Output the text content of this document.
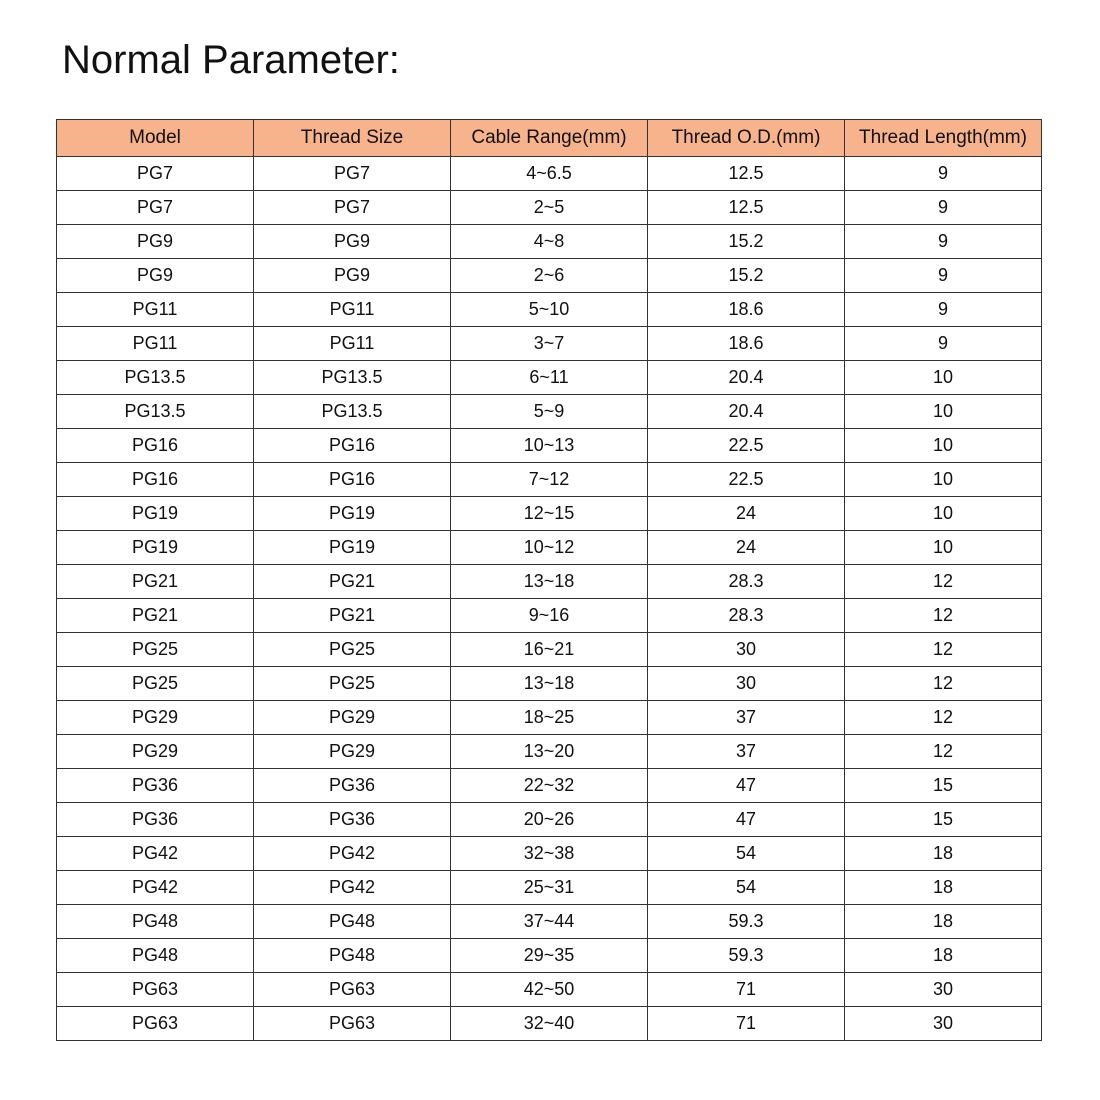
Normal Parameter:
Model	Thread Size	Cable Range(mm)	Thread O.D.(mm)	Thread Length(mm)
PG7	PG7	4~6.5	12.5	9
PG7	PG7	2~5	12.5	9
PG9	PG9	4~8	15.2	9
PG9	PG9	2~6	15.2	9
PG11	PG11	5~10	18.6	9
PG11	PG11	3~7	18.6	9
PG13.5	PG13.5	6~11	20.4	10
PG13.5	PG13.5	5~9	20.4	10
PG16	PG16	10~13	22.5	10
PG16	PG16	7~12	22.5	10
PG19	PG19	12~15	24	10
PG19	PG19	10~12	24	10
PG21	PG21	13~18	28.3	12
PG21	PG21	9~16	28.3	12
PG25	PG25	16~21	30	12
PG25	PG25	13~18	30	12
PG29	PG29	18~25	37	12
PG29	PG29	13~20	37	12
PG36	PG36	22~32	47	15
PG36	PG36	20~26	47	15
PG42	PG42	32~38	54	18
PG42	PG42	25~31	54	18
PG48	PG48	37~44	59.3	18
PG48	PG48	29~35	59.3	18
PG63	PG63	42~50	71	30
PG63	PG63	32~40	71	30
